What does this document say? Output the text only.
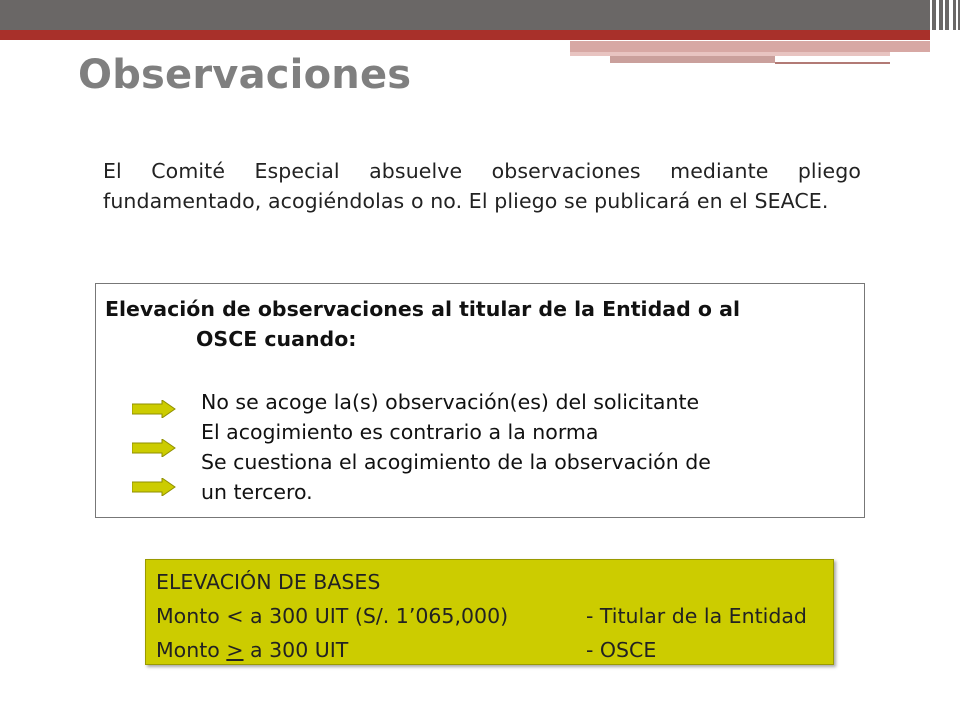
Observaciones
El Comité Especial absuelve observaciones mediante pliego fundamentado, acogiéndolas o no. El pliego se publicará en el SEACE.
Elevación de observaciones al titular de la Entidad o al
OSCE cuando:
No se acoge la(s) observación(es) del solicitante
El acogimiento es contrario a la norma
Se cuestiona el acogimiento de la observación de
un tercero.
ELEVACIÓN DE BASES
Monto < a 300 UIT (S/. 1’065,000)	- Titular de la Entidad
Monto ≥ a 300 UIT	- OSCE
